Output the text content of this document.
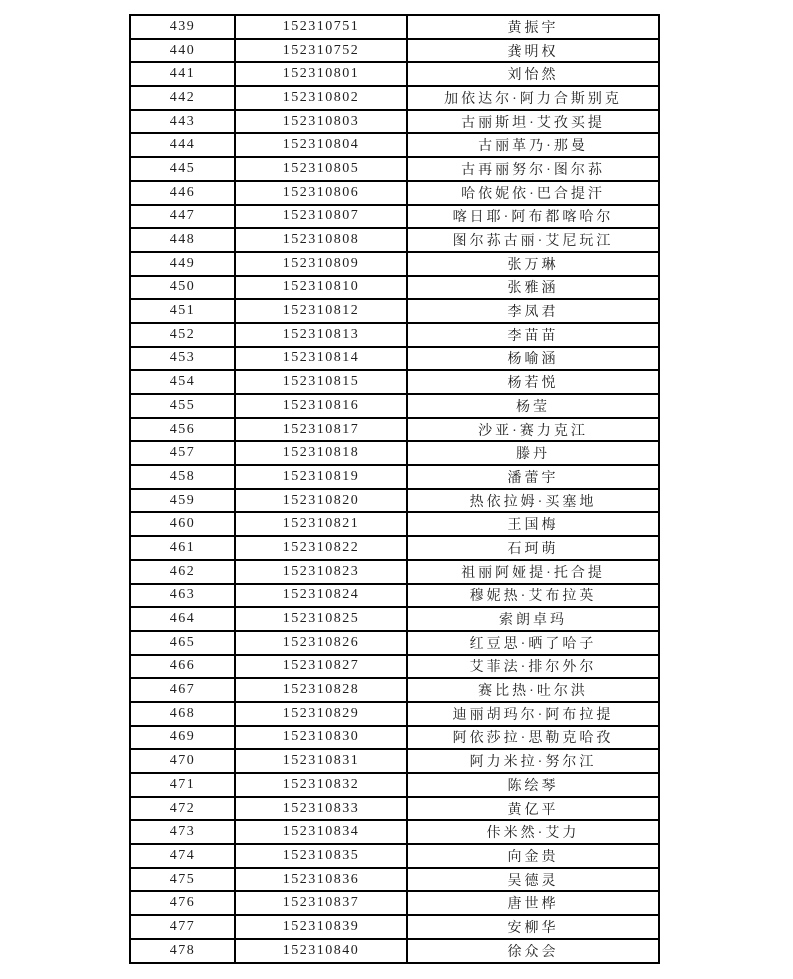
439	152310751	黄振宇
440	152310752	龚明权
441	152310801	刘怡然
442	152310802	加依达尔·阿力合斯别克
443	152310803	古丽斯坦·艾孜买提
444	152310804	古丽革乃·那曼
445	152310805	古再丽努尔·图尔荪
446	152310806	哈依妮依·巴合提汗
447	152310807	喀日耶·阿布都喀哈尔
448	152310808	图尔荪古丽·艾尼玩江
449	152310809	张万琳
450	152310810	张雅涵
451	152310812	李凤君
452	152310813	李苗苗
453	152310814	杨喻涵
454	152310815	杨若悦
455	152310816	杨莹
456	152310817	沙亚·赛力克江
457	152310818	滕丹
458	152310819	潘蕾宇
459	152310820	热依拉姆·买塞地
460	152310821	王国梅
461	152310822	石珂萌
462	152310823	祖丽阿娅提·托合提
463	152310824	穆妮热·艾布拉英
464	152310825	索朗卓玛
465	152310826	红豆思·晒了哈子
466	152310827	艾菲法·排尔外尔
467	152310828	赛比热·吐尔洪
468	152310829	迪丽胡玛尔·阿布拉提
469	152310830	阿依莎拉·思勒克哈孜
470	152310831	阿力米拉·努尔江
471	152310832	陈绘琴
472	152310833	黄亿平
473	152310834	佧米然·艾力
474	152310835	向金贵
475	152310836	吴德灵
476	152310837	唐世桦
477	152310839	安柳华
478	152310840	徐众会
